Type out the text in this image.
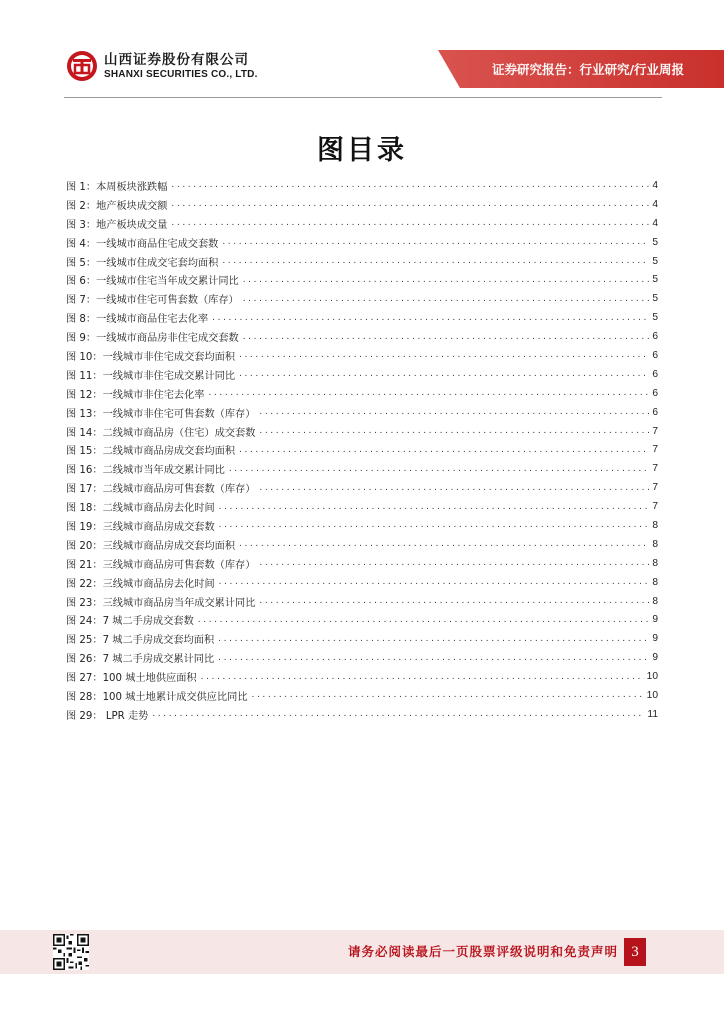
山西证券股份有限公司
SHANXI SECURITIES CO., LTD.	证券研究报告：行业研究/行业周报
图目录
图 1：本周板块涨跌幅 .....	4
图 2：地产板块成交额 .....	4
图 3：地产板块成交量 .....	4
图 4：一线城市商品住宅成交套数 .....	5
图 5：一线城市住成交宅套均面积 .....	5
图 6：一线城市住宅当年成交累计同比 .....	5
图 7：一线城市住宅可售套数（库存） .....	5
图 8：一线城市商品住宅去化率 .....	5
图 9：一线城市商品房非住宅成交套数 .....	6
图 10：一线城市非住宅成交套均面积 .....	6
图 11：一线城市非住宅成交累计同比 .....	6
图 12：一线城市非住宅去化率 .....	6
图 13：一线城市非住宅可售套数（库存） .....	6
图 14：二线城市商品房（住宅）成交套数 .....	7
图 15：二线城市商品房成交套均面积 .....	7
图 16：二线城市当年成交累计同比 .....	7
图 17：二线城市商品房可售套数（库存） .....	7
图 18：二线城市商品房去化时间 .....	7
图 19：三线城市商品房成交套数 .....	8
图 20：三线城市商品房成交套均面积 .....	8
图 21：三线城市商品房可售套数（库存） .....	8
图 22：三线城市商品房去化时间 .....	8
图 23：三线城市商品房当年成交累计同比 .....	8
图 24：7 城二手房成交套数 .....	9
图 25：7 城二手房成交套均面积 .....	9
图 26：7 城二手房成交累计同比 .....	9
图 27：100 城土地供应面积 .....	10
图 28：100 城土地累计成交供应比同比 .....	10
图 29： LPR 走势 .....	11
请务必阅读最后一页股票评级说明和免责声明 3
